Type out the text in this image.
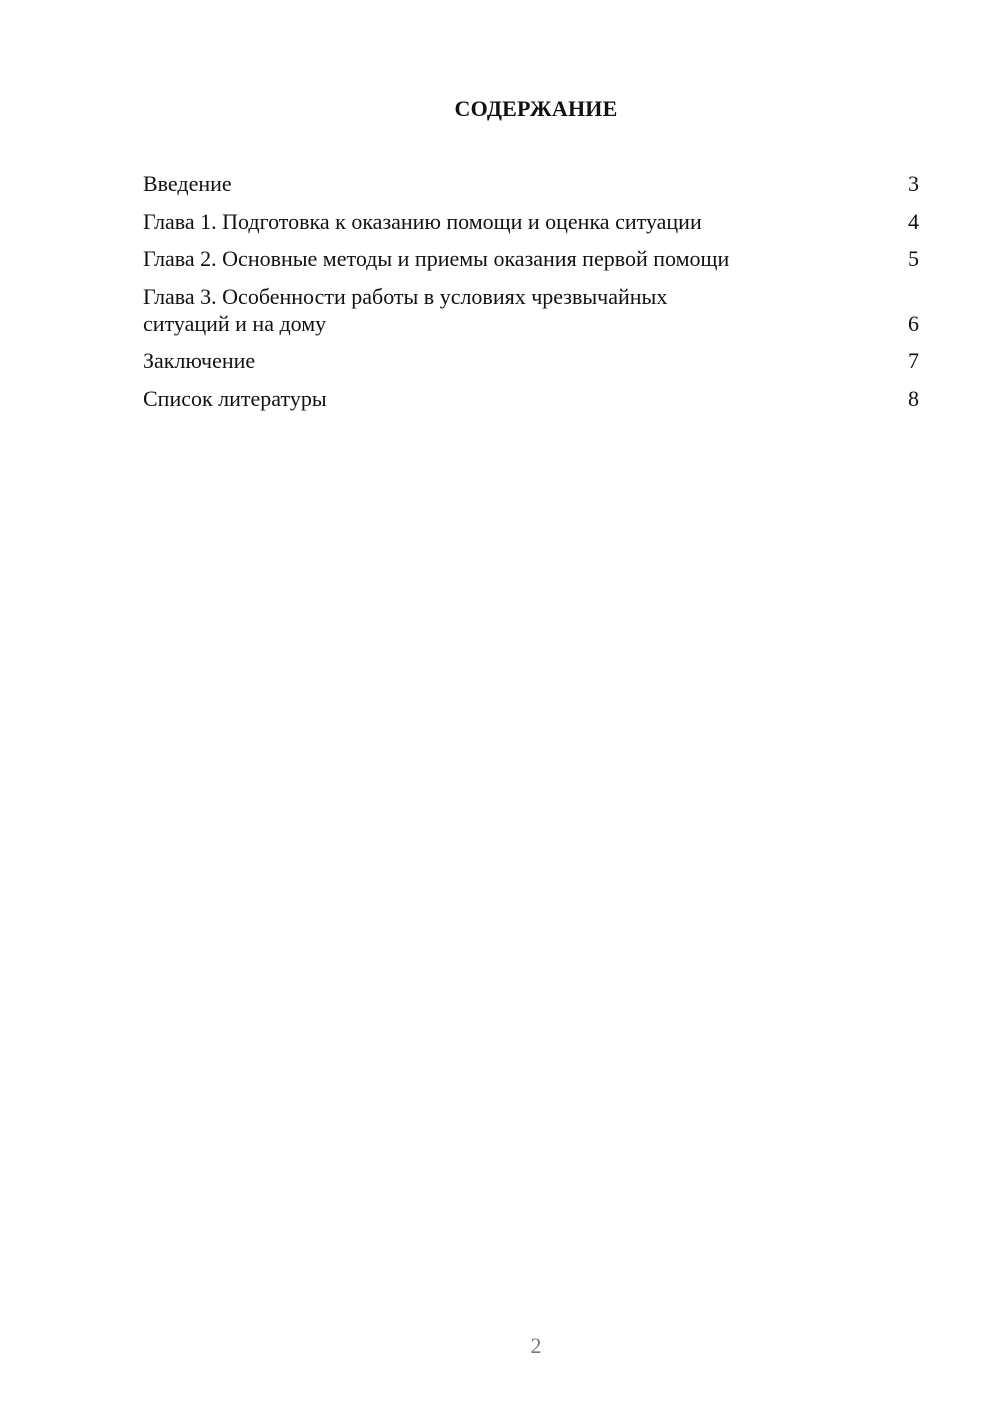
СОДЕРЖАНИЕ
Введение	3
Глава 1. Подготовка к оказанию помощи и оценка ситуации	4
Глава 2. Основные методы и приемы оказания первой помощи	5
Глава 3. Особенности работы в условиях чрезвычайных ситуаций и на дому	6
Заключение	7
Список литературы	8
2
